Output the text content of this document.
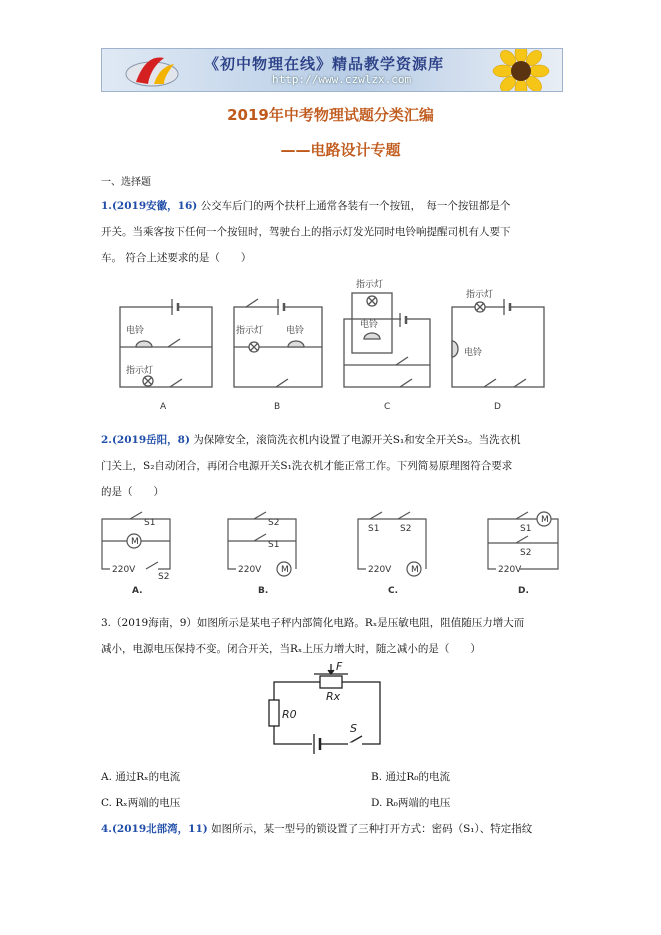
《初中物理在线》精品教学资源库
http://www.czwlzx.com
2019年中考物理试题分类汇编
——电路设计专题
一、选择题
1.(2019安徽，16) 公交车后门的两个扶杆上通常各装有一个按钮，　每一个按钮都是个
开关。当乘客按下任何一个按钮时，驾驶台上的指示灯发光同时电铃响提醒司机有人要下
车。 符合上述要求的是（　　）
电铃
指示灯
指示灯	电铃
指示灯
电铃
指示灯
电铃
A	B	C	D
2.(2019岳阳，8) 为保障安全，滚筒洗衣机内设置了电源开关S₁和安全开关S₂。当洗衣机
门关上，S₂自动闭合，再闭合电源开关S₁洗衣机才能正常工作。下列简易原理图符合要求
的是（　　）
S1
M
220V
S2
S2
S1
220V M
S1 S2
220V M
S1
M
S2
220V
A.	B.	C.	D.
3.（2019海南，9）如图所示是某电子秤内部简化电路。Rₓ是压敏电阻，阻值随压力增大而
减小，电源电压保持不变。闭合开关，当Rₓ上压力增大时，随之减小的是（　　）
F
Rx
R0
S
A. 通过Rₓ的电流	B. 通过R₀的电流
C. Rₓ两端的电压	D. R₀两端的电压
4.(2019北部湾，11) 如图所示，某一型号的锁设置了三种打开方式：密码（S₁）、特定指纹
